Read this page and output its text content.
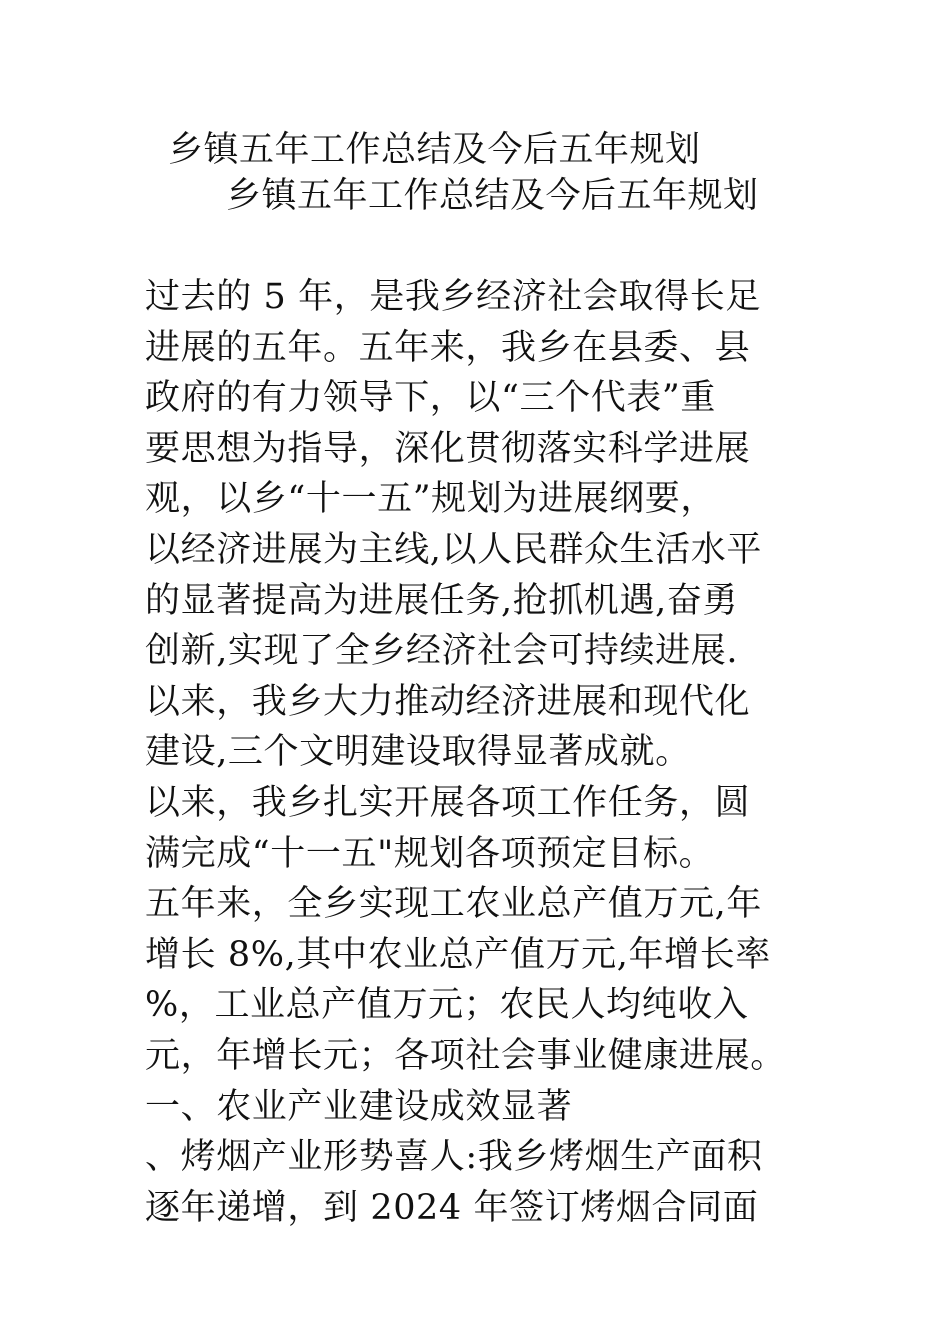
乡镇五年工作总结及今后五年规划
乡镇五年工作总结及今后五年规划
过去的 5 年，是我乡经济社会取得长足
进展的五年。五年来，我乡在县委、县
政府的有力领导下，以“三个代表”重
要思想为指导，深化贯彻落实科学进展
观，以乡“十一五”规划为进展纲要，
以经济进展为主线,以人民群众生活水平
的显著提高为进展任务,抢抓机遇,奋勇
创新,实现了全乡经济社会可持续进展.
以来，我乡大力推动经济进展和现代化
建设,三个文明建设取得显著成就。
以来，我乡扎实开展各项工作任务，圆
满完成“十一五"规划各项预定目标。
五年来，全乡实现工农业总产值万元,年
增长 8%,其中农业总产值万元,年增长率
%，工业总产值万元；农民人均纯收入
元，年增长元；各项社会事业健康进展。
一、农业产业建设成效显著
、烤烟产业形势喜人:我乡烤烟生产面积
逐年递增，到 2024 年签订烤烟合同面
